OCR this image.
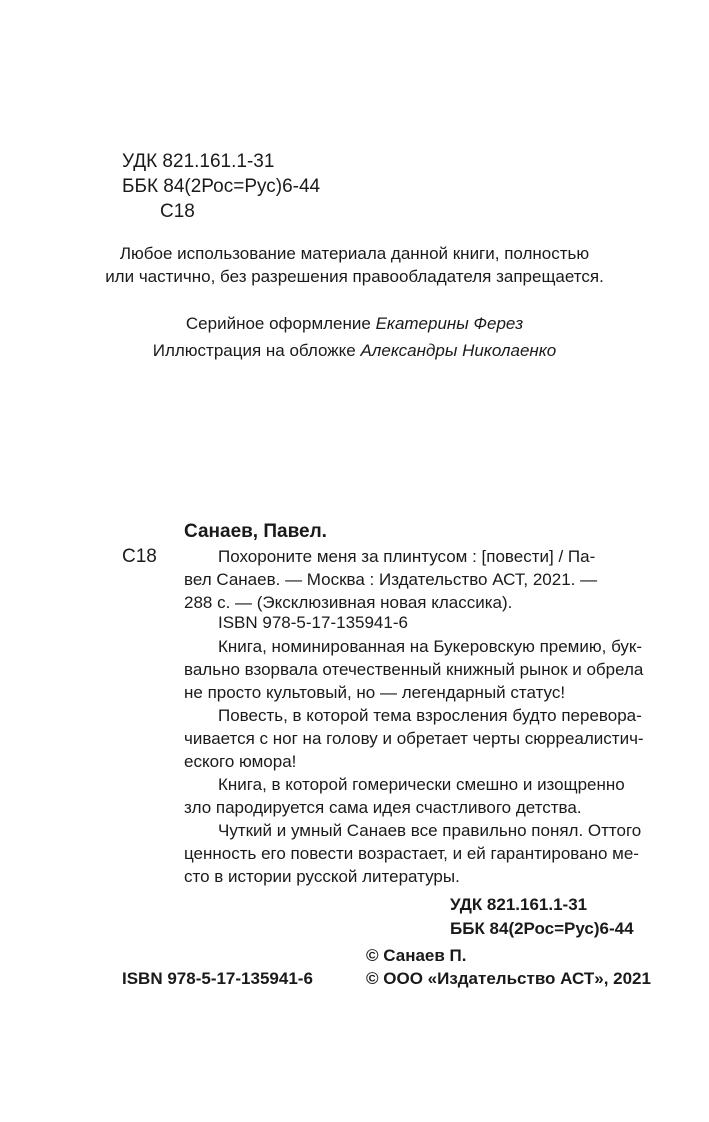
УДК 821.161.1-31
ББК 84(2Рос=Рус)6-44
С18
Любое использование материала данной книги, полностью
или частично, без разрешения правообладателя запрещается.
Серийное оформление Екатерины Ферез
Иллюстрация на обложке Александры Николаенко
Санаев, Павел.
С18	Похороните меня за плинтусом : [повести] / Па-
вел Санаев. — Москва : Издательство АСТ, 2021. —
288 с. — (Эксклюзивная новая классика).
ISBN 978-5-17-135941-6
Книга, номинированная на Букеровскую премию, бук-
вально взорвала отечественный книжный рынок и обрела
не просто культовый, но — легендарный статус!
Повесть, в которой тема взросления будто перевора-
чивается с ног на голову и обретает черты сюрреалистич-
еского юмора!
Книга, в которой гомерически смешно и изощренно
зло пародируется сама идея счастливого детства.
Чуткий и умный Санаев все правильно понял. Оттого
ценность его повести возрастает, и ей гарантировано ме-
сто в истории русской литературы.
УДК 821.161.1-31
ББК 84(2Рос=Рус)6-44
© Санаев П.
ISBN 978-5-17-135941-6	© ООО «Издательство АСТ», 2021
